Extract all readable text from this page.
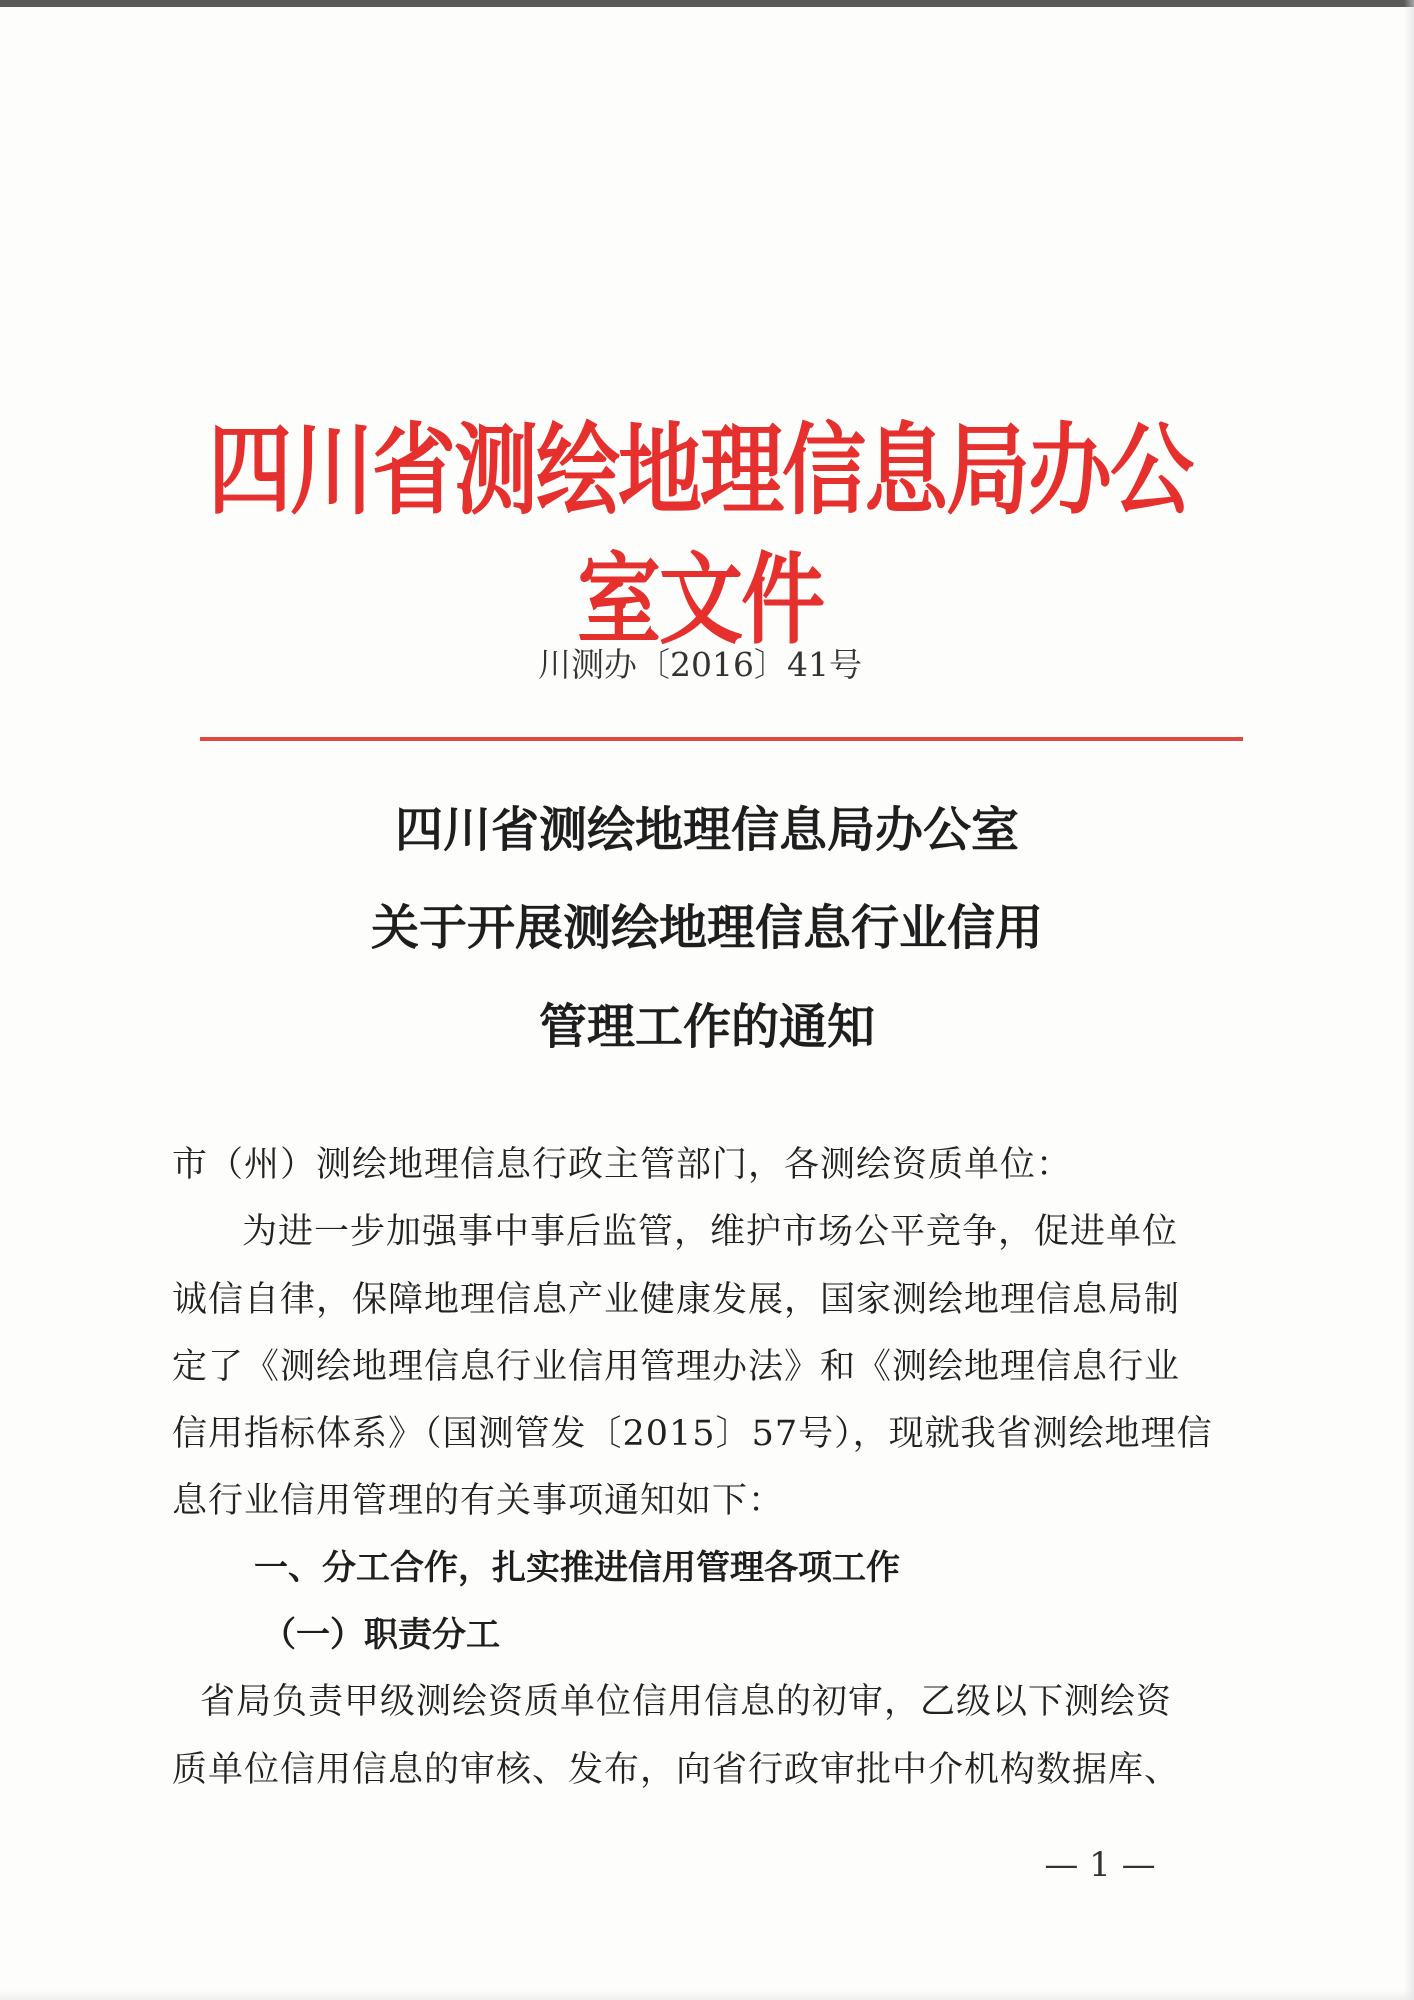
四川省测绘地理信息局办公室文件
川测办〔2016〕41号
四川省测绘地理信息局办公室
关于开展测绘地理信息行业信用
管理工作的通知
市（州）测绘地理信息行政主管部门，各测绘资质单位：
为进一步加强事中事后监管，维护市场公平竞争，促进单位
诚信自律，保障地理信息产业健康发展，国家测绘地理信息局制
定了《测绘地理信息行业信用管理办法》和《测绘地理信息行业
信用指标体系》（国测管发〔2015〕57号），现就我省测绘地理信
息行业信用管理的有关事项通知如下：
一、分工合作，扎实推进信用管理各项工作
（一）职责分工
省局负责甲级测绘资质单位信用信息的初审，乙级以下测绘资
质单位信用信息的审核、发布，向省行政审批中介机构数据库、
— 1 —
